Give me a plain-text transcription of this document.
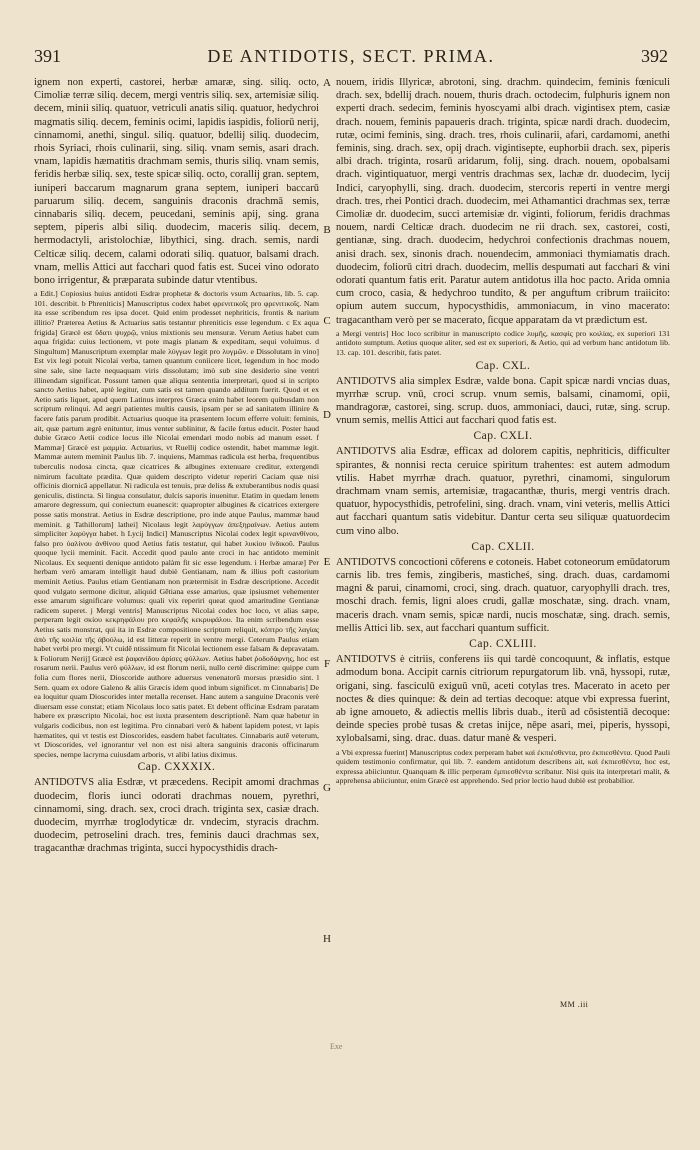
391	DE ANTIDOTIS, SECT. PRIMA.	392
ignem non experti, castorei, herbæ amaræ, sing. siliq. octo, Cimoliæ terræ siliq. decem, mergi ventris siliq. sex, artemisiæ siliq. decem, minii siliq. quatuor, vetriculi anatis siliq. quatuor, hedychroi magmatis siliq. decem, feminis ocimi, lapidis iaspidis, foliorū nerij, cinnamomi, anethi, singul. siliq. quatuor, bdellij siliq. duodecim, rhois Syriaci, rhois culinarii, sing. siliq. vnam semis, asari drach. vnam, lapidis hæmatitis drachmam semis, thuris siliq. vnam semis, feridis herbæ siliq. sex, teste spicæ siliq. octo, corallij gran. septem, iuniperi baccarum magnarum grana septem, iuniperi baccarū paruarum siliq. decem, sanguinis draconis drachmā semis, cinnabaris siliq. decem, peucedani, seminis apij, sing. grana septem, piperis albi siliq. duodecim, maceris siliq. decem, hermodactyli, aristolochiæ, libythici, sing. drach. semis, nardi Celticæ siliq. decem, calami odorati siliq. quatuor, balsami drach. vnam, mellis Attici aut facchari quod fatis est. Sucei vino odorato bono irrigentur, & præparata subinde datur vtentibus.
a Edit.] Copiosius huius antidoti Esdræ prophetæ & doctoris vsum Actuarius, lib. 5. cap. 101. describit. b Phreniticis] Manuscriptus codex habet φρενιτικοῖς pro φρενιτικοῖς. Nam ita esse scribendum res ipsa docet. Quid enim prodesset nephriticis, frontis & narium illitio? Præterea Aetius & Actuarius satis testantur phreniticis esse legendum. c Ex aqua frigida] Græcè est ὕδατι ψυχρῷ, vnius mixtionis seu mensuræ. Verum Aetius habet cum aqua frigida: cuius lectionem, vt pote magis planam & expeditam, sequi voluimus. d Singultum] Manuscriptum exemplar male λύγγων legit pro λυγμῶν. e Dissolutam in vino] Est vix legi potuit Nicolai verba, tamen quantum coniicere licet, legendum in hoc modo sine sale, sine lacte nequaquam viris dissolutam; imò sub sine desiderio sine ventri illinendam significat. Possunt tamen quæ aliqua sententia interpretari, quod si in scripto sancto Aetius habet, aptè legitur, cum satis est tamen quando additum fuerit. Quod et ex Aetio satis liquet, apud quem Latinus interpres Græca enim habet leorem quibusdam non scriptum relinqui. Ad aegri patientes multis causis, ipsam per se ad sanitatem illinire & facere fatis parum prodibit. Actuarius quoque ita præsentem locum efferre voluit: feminis, ait, quæ partum ægrè enituntur, imus venter sublinitur, & facile fœtus educit. Poster haud dubie Græco Aetii codice locus ille Nicolai emendari modo nobis ad manum esset. f Mammæ] Græcè est μαμμία. Actuarius, vt Ruellij codice ostendit, habet mammæ legit. Mammæ autem meminit Paulus lib. 7. inquiens, Mammas radicula est herba, frequentibus tuberculis nodosa cincta, quæ cicatrices & albugines extenuare creditur, extergendi nimirum facultate prædita. Quæ quidem descripto videtur reperiri Caciam quæ nisi officinis diornicā appellatur. Ni radicula est tenuis, præ deliss & extuberantibus nodis quasi geniculis, distincta. Si lingua consulatur, dulcis saporis inuenitur. Etatim in quedam lenem amarore degressum, qui coniectum euanescit: quapropter albugines & cicatrices extergere posse satis monstrat. Aetius in Esdræ descriptione, pro inde atque Paulus, mammæ haud meminit. g Tathillorum] lathei] Nicolaus legit λαρύγγων ἀπεξηραίνων. Aetius autem simpliciter λαρύγγα habet. h Lycij Indici] Manuscriptus Nicolai codex legit κρινανθίνου, falso pro ὑαλίνου ἀνθίνου quod Aetius fatis testatur, qui habet λυκίου ἰνδικοῦ. Paulus quoque lycii meminit. Facit. Accedit quod paulo ante croci in hac antidoto meminit Nicolaus. Ex sequenti denique antidoto palàm fit sic esse legendum. i Herbæ amaræ] Per herbam verò amaram intelligit haud dubiè Gentianam, nam & illius poft castorium meminit Aetius. Paulus etiam Gentianam non prætermisit in Esdræ descriptione. Accedit quod vulgato sermone dicitur, aliquid Gētiana esse amarius, quæ ipsiusmet vehementer esse amarum significare volumus: quali vix reperiri queat quod amaritudine Gentianæ radicem superet. j Mergi ventris] Manuscriptus Nicolai codex hoc loco, vt alias sæpe, perperam legit σκίου κεκρηφάλου pro κεφαλῆς κεκρυφάλου. Ita enim scribendum esse Aetius satis monstrat, qui ita in Esdræ compositione scriptum reliquit, κόπτρο τῆς λαγίας ἀπὸ τῆς κοιλία τῆς ἀβούλω, id est litteræ reperit in ventre mergi. Ceterum Paulus etiam habet verbi pro mergi. Vt cuidē ntissimum fit Nicolai lectionem esse falsam & depravatam. k Foliorum Nerij] Græcè est ῥαφανίδου ἀρίσες φύλλων. Aetius habet ῥοδοδάφνης, hoc est rosarum nerii. Paulus verò φύλλων, id est florum nerii, nullo certè discrimine: quippe cum folia cum flores nerii, Dioscoride authore aduersus venenatorū morsus præsidio sint. l Sem. quam ex odore Galeno & aliis Græcis idem quod inbum significet. m Cinnabaris] De ea loquitur quam Dioscorides inter metalla recenset. Hanc autem a sanguine Draconis verè diuersam esse constat; etiam Nicolaus loco satis patet. Et debent officinæ Esdram paratam habere ex præscripto Nicolai, hoc est iuxta præsentem descriptionē. Nam quæ habetur in vulgaris codicibus, non est legitima. Pro cinnabari verò & habent lapidem potest, vt lapis hæmatites, qui vt testis est Dioscorides, easdem habet facultates. Cinnabaris autē veterum, vt Dioscorides, vel ignorantur vel non est nisi altera sanguinis draconis officinarum species, nempe lacryma cuiusdam arboris, vt alibi latius diximus.
Cap. CXXXIX.
ANTIDOTVS alia Esdræ, vt præcedens. Recipit amomi drachmas duodecim, floris iunci odorati drachmas nouem, pyrethri, cinnamomi, sing. drach. sex, croci drach. triginta sex, casiæ drach. duodecim, myrrhæ troglodyticæ dr. vndecim, styracis drachm. duodecim, petroselini drach. tres, feminis dauci drachmas sex, tragacanthæ drachmas triginta, succi hypocysthidis drach-
A
B
C
D
E
F
G
H
nouem, iridis Illyricæ, abrotoni, sing. drachm. quindecim, feminis fœniculi drach. sex, bdellij drach. nouem, thuris drach. octodecim, fulphuris ignem non experti drach. sedecim, feminis hyoscyami albi drach. vigintisex ptem, casiæ drach. nouem, feminis papaueris drach. triginta, spicæ nardi drach. duodecim, rutæ, ocimi feminis, sing. drach. tres, rhois culinarii, afari, cardamomi, anethi feminis, sing. drach. sex, opij drach. vigintisepte, euphorbii drach. sex, piperis albi drach. triginta, rosarū aridarum, folij, sing. drach. nouem, opobalsami drach. vigintiquatuor, mergi ventris drachmas sex, lachæ dr. duodecim, lycij Indici, caryophylli, sing. drach. duodecim, stercoris reperti in ventre mergi drach. tres, rhei Pontici drach. duodecim, mei Athamantici drachmas sex, terræ Cimoliæ dr. duodecim, succi artemisiæ dr. viginti, foliorum, feridis drachmas nouem, nardi Celticæ drach. duodecim ne rii drach. sex, castorei, costi, gentianæ, sing. drach. duodecim, hedychroi confectionis drachmas nouem, anisi drach. sex, sinonis drach. nouendecim, ammoniaci thymiamatis drach. duodecim, foliorū citri drach. duodecim, mellis despumati aut facchari & vini odorati quantum fatis erit. Paratur autem antidotus illa hoc pacto. Arida omnia cum croco, casia, & hedychroo tundito, & per anguftum cribrum traiicito: opium autem succum, hypocysthidis, ammoniacum, in vino macerato: tragacantham verò per se macerato, ſicque apparatam da vt prædictum est.
a Mergi ventris] Hoc loco scribitur in manuscripto codice λυμῆς, κασφίς pro κοιλίας, ex superiori 131 antidoto sumptum. Aetius quoque aliter, sed est ex superiori, & Aetio, qui ad verbum hanc antidotum lib. 13. cap. 101. describit, fatis patet.
Cap. CXL.
ANTIDOTVS alia simplex Esdræ, valde bona. Capit spicæ nardi vncias duas, myrrhæ scrup. vnū, croci scrup. vnum semis, balsami, cinamomi, opii, mandragoræ, castorei, sing. scrup. duos, ammoniaci, dauci, rutæ, sing. scrup. vnum semis, mellis Attici aut facchari quod fatis est.
Cap. CXLI.
ANTIDOTVS alia Esdræ, efficax ad dolorem capitis, nephriticis, difficulter spirantes, & nonnisi recta ceruice spiritum trahentes: est autem admodum vtilis. Habet myrrhæ drach. quatuor, pyrethri, cinamomi, singulorum drachmam vnam semis, artemisiæ, tragacanthæ, thuris, mergi ventris drach. quatuor, hypocysthidis, petrofelini, sing. drach. vnam, vini veteris, mellis Attici aut facchari quantum satis videbitur. Dantur certa seu siliquæ quatuordecim cum vino albo.
Cap. CXLII.
ANTIDOTVS concoctioni cōferens e cotoneis. Habet cotoneorum emūdatorum carnis lib. tres femis, zingiberis, masticheś, sing. drach. duas, cardamomi magni & parui, cinamomi, croci, sing. drach. quatuor, caryophylli drach. tres, moschi drach. femis, ligni aloes crudi, gallæ moschatæ, sing. drach. vnam, maceris drach. vnam semis, spicæ nardi, nucis moschatæ, sing. drach. semis, mellis Attici lib. sex, aut facchari quantum sufficit.
Cap. CXLIII.
ANTIDOTVS è citriis, conferens iis qui tardè concoquunt, & inflatis, estque admodum bona. Accipit carnis citriorum repurgatorum lib. vnā, hyssopi, rutæ, origani, sing. fasciculū exiguū vnū, aceti cotylas tres. Macerato in aceto per noctes & dies quinque: & dein ad tertias decoque: atque vbi expressa fuerint, ab igne amoueto, & adiectis mellis libris duab., iterū ad cōsistentiā decoque: deinde species probè tusas & cretas inijce, nēpe asari, mei, piperis, hyssopi, xylobalsami, sing. drac. duas. datur manè & vesperi.
a Vbi expressa fuerint] Manuscriptus codex perperam habet καὶ ἐκπιέσθεντα, pro ἐκπιεσθέντα. Quod Pauli quidem testimonio confirmatur, qui lib. 7. eandem antidotum describens ait, καὶ ἐκπιεσθέντα, hoc est, expressa abiiciuntur. Quanquam & illic perperam ἐμπιεσθέντα scribatur. Nisi quis ita interpretari malit, & apprehensa abiiciuntur, enim Græcè est apprehendo. Sed prior lectio haud dubiè est probabilior.
MM .iii
Exe
